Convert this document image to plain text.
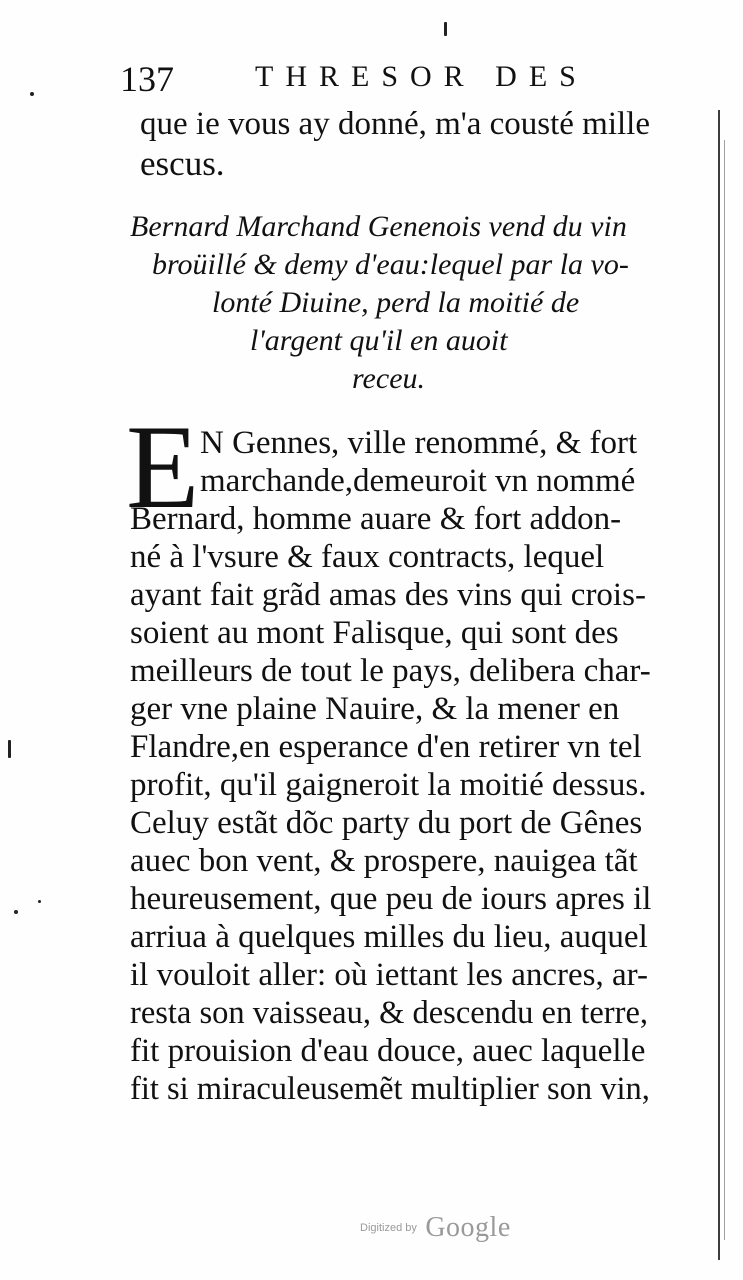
137	THRESOR DES
que ie vous ay donné, m'a cousté mille
escus.
Bernard Marchand Genenois vend du vin
broüillé & demy d'eau:lequel par la vo-
lonté Diuine, perd la moitié de
l'argent qu'il en auoit
receu.
E N Gennes, ville renommé, & fort
marchande,demeuroit vn nommé
Bernard, homme auare & fort addon-
né à l'vsure & faux contracts, lequel
ayant fait grãd amas des vins qui crois-
soient au mont Falisque, qui sont des
meilleurs de tout le pays, delibera char-
ger vne plaine Nauire, & la mener en
Flandre,en esperance d'en retirer vn tel
profit, qu'il gaigneroit la moitié dessus.
Celuy estãt dõc party du port de Gênes
auec bon vent, & prospere, nauigea tãt
heureusement, que peu de iours apres il
arriua à quelques milles du lieu, auquel
il vouloit aller: où iettant les ancres, ar-
resta son vaisseau, & descendu en terre,
fit prouision d'eau douce, auec laquelle
fit si miraculeusemẽt multiplier son vin,
Digitized by Google
